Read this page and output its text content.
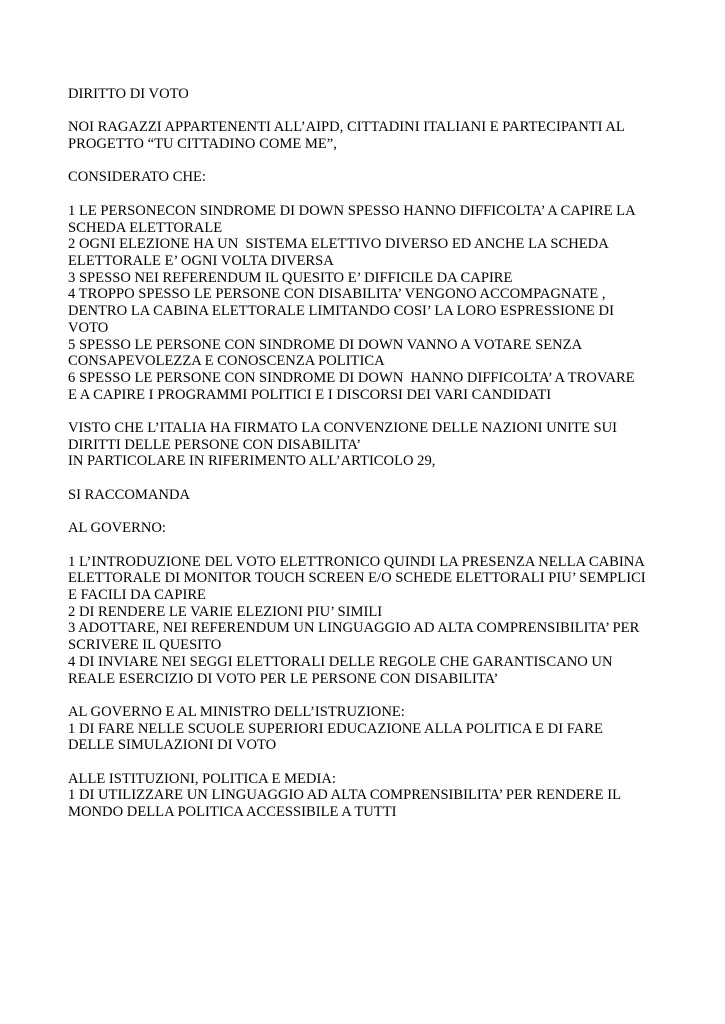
DIRITTO DI VOTO
NOI RAGAZZI APPARTENENTI ALL’AIPD, CITTADINI ITALIANI E PARTECIPANTI AL
PROGETTO “TU CITTADINO COME ME”,
CONSIDERATO CHE:
1 LE PERSONECON SINDROME DI DOWN SPESSO HANNO DIFFICOLTA’ A CAPIRE LA
SCHEDA ELETTORALE
2 OGNI ELEZIONE HA UN  SISTEMA ELETTIVO DIVERSO ED ANCHE LA SCHEDA
ELETTORALE E’ OGNI VOLTA DIVERSA
3 SPESSO NEI REFERENDUM IL QUESITO E’ DIFFICILE DA CAPIRE
4 TROPPO SPESSO LE PERSONE CON DISABILITA’ VENGONO ACCOMPAGNATE ,
DENTRO LA CABINA ELETTORALE LIMITANDO COSI’ LA LORO ESPRESSIONE DI
VOTO
5 SPESSO LE PERSONE CON SINDROME DI DOWN VANNO A VOTARE SENZA
CONSAPEVOLEZZA E CONOSCENZA POLITICA
6 SPESSO LE PERSONE CON SINDROME DI DOWN  HANNO DIFFICOLTA’ A TROVARE
E A CAPIRE I PROGRAMMI POLITICI E I DISCORSI DEI VARI CANDIDATI
VISTO CHE L’ITALIA HA FIRMATO LA CONVENZIONE DELLE NAZIONI UNITE SUI
DIRITTI DELLE PERSONE CON DISABILITA’
IN PARTICOLARE IN RIFERIMENTO ALL’ARTICOLO 29,
SI RACCOMANDA
AL GOVERNO:
1 L’INTRODUZIONE DEL VOTO ELETTRONICO QUINDI LA PRESENZA NELLA CABINA
ELETTORALE DI MONITOR TOUCH SCREEN E/O SCHEDE ELETTORALI PIU’ SEMPLICI
E FACILI DA CAPIRE
2 DI RENDERE LE VARIE ELEZIONI PIU’ SIMILI
3 ADOTTARE, NEI REFERENDUM UN LINGUAGGIO AD ALTA COMPRENSIBILITA’ PER
SCRIVERE IL QUESITO
4 DI INVIARE NEI SEGGI ELETTORALI DELLE REGOLE CHE GARANTISCANO UN
REALE ESERCIZIO DI VOTO PER LE PERSONE CON DISABILITA’
AL GOVERNO E AL MINISTRO DELL’ISTRUZIONE:
1 DI FARE NELLE SCUOLE SUPERIORI EDUCAZIONE ALLA POLITICA E DI FARE
DELLE SIMULAZIONI DI VOTO
ALLE ISTITUZIONI, POLITICA E MEDIA:
1 DI UTILIZZARE UN LINGUAGGIO AD ALTA COMPRENSIBILITA’ PER RENDERE IL
MONDO DELLA POLITICA ACCESSIBILE A TUTTI
